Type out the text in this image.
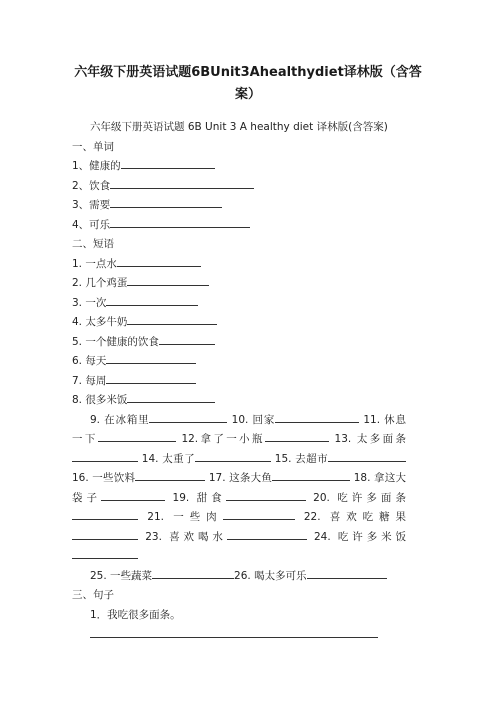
六年级下册英语试题6BUnit3Ahealthydiet译林版（含答
案）
六年级下册英语试题 6B Unit 3 A healthy diet 译林版(含答案)
一、单词
1、健康的
2、饮食
3、需要
4、可乐
二、短语
1. 一点水
2. 几个鸡蛋
3. 一次
4. 太多牛奶
5. 一个健康的饮食
6. 每天
7. 每周
8. 很多米饭
9. 在冰箱里	10. 回家	11. 休息一下	12.拿了一小瓶	13. 太多面条 14. 太重了	15. 去超市 16. 一些饮料	17. 这条大鱼	18. 拿这大袋子	19. 甜食	20. 吃许多面条 21. 一些肉	22. 喜欢吃糖果 23. 喜欢喝水	24. 吃许多米饭
25. 一些蔬菜	26. 喝太多可乐
三、句子
1．我吃很多面条。
